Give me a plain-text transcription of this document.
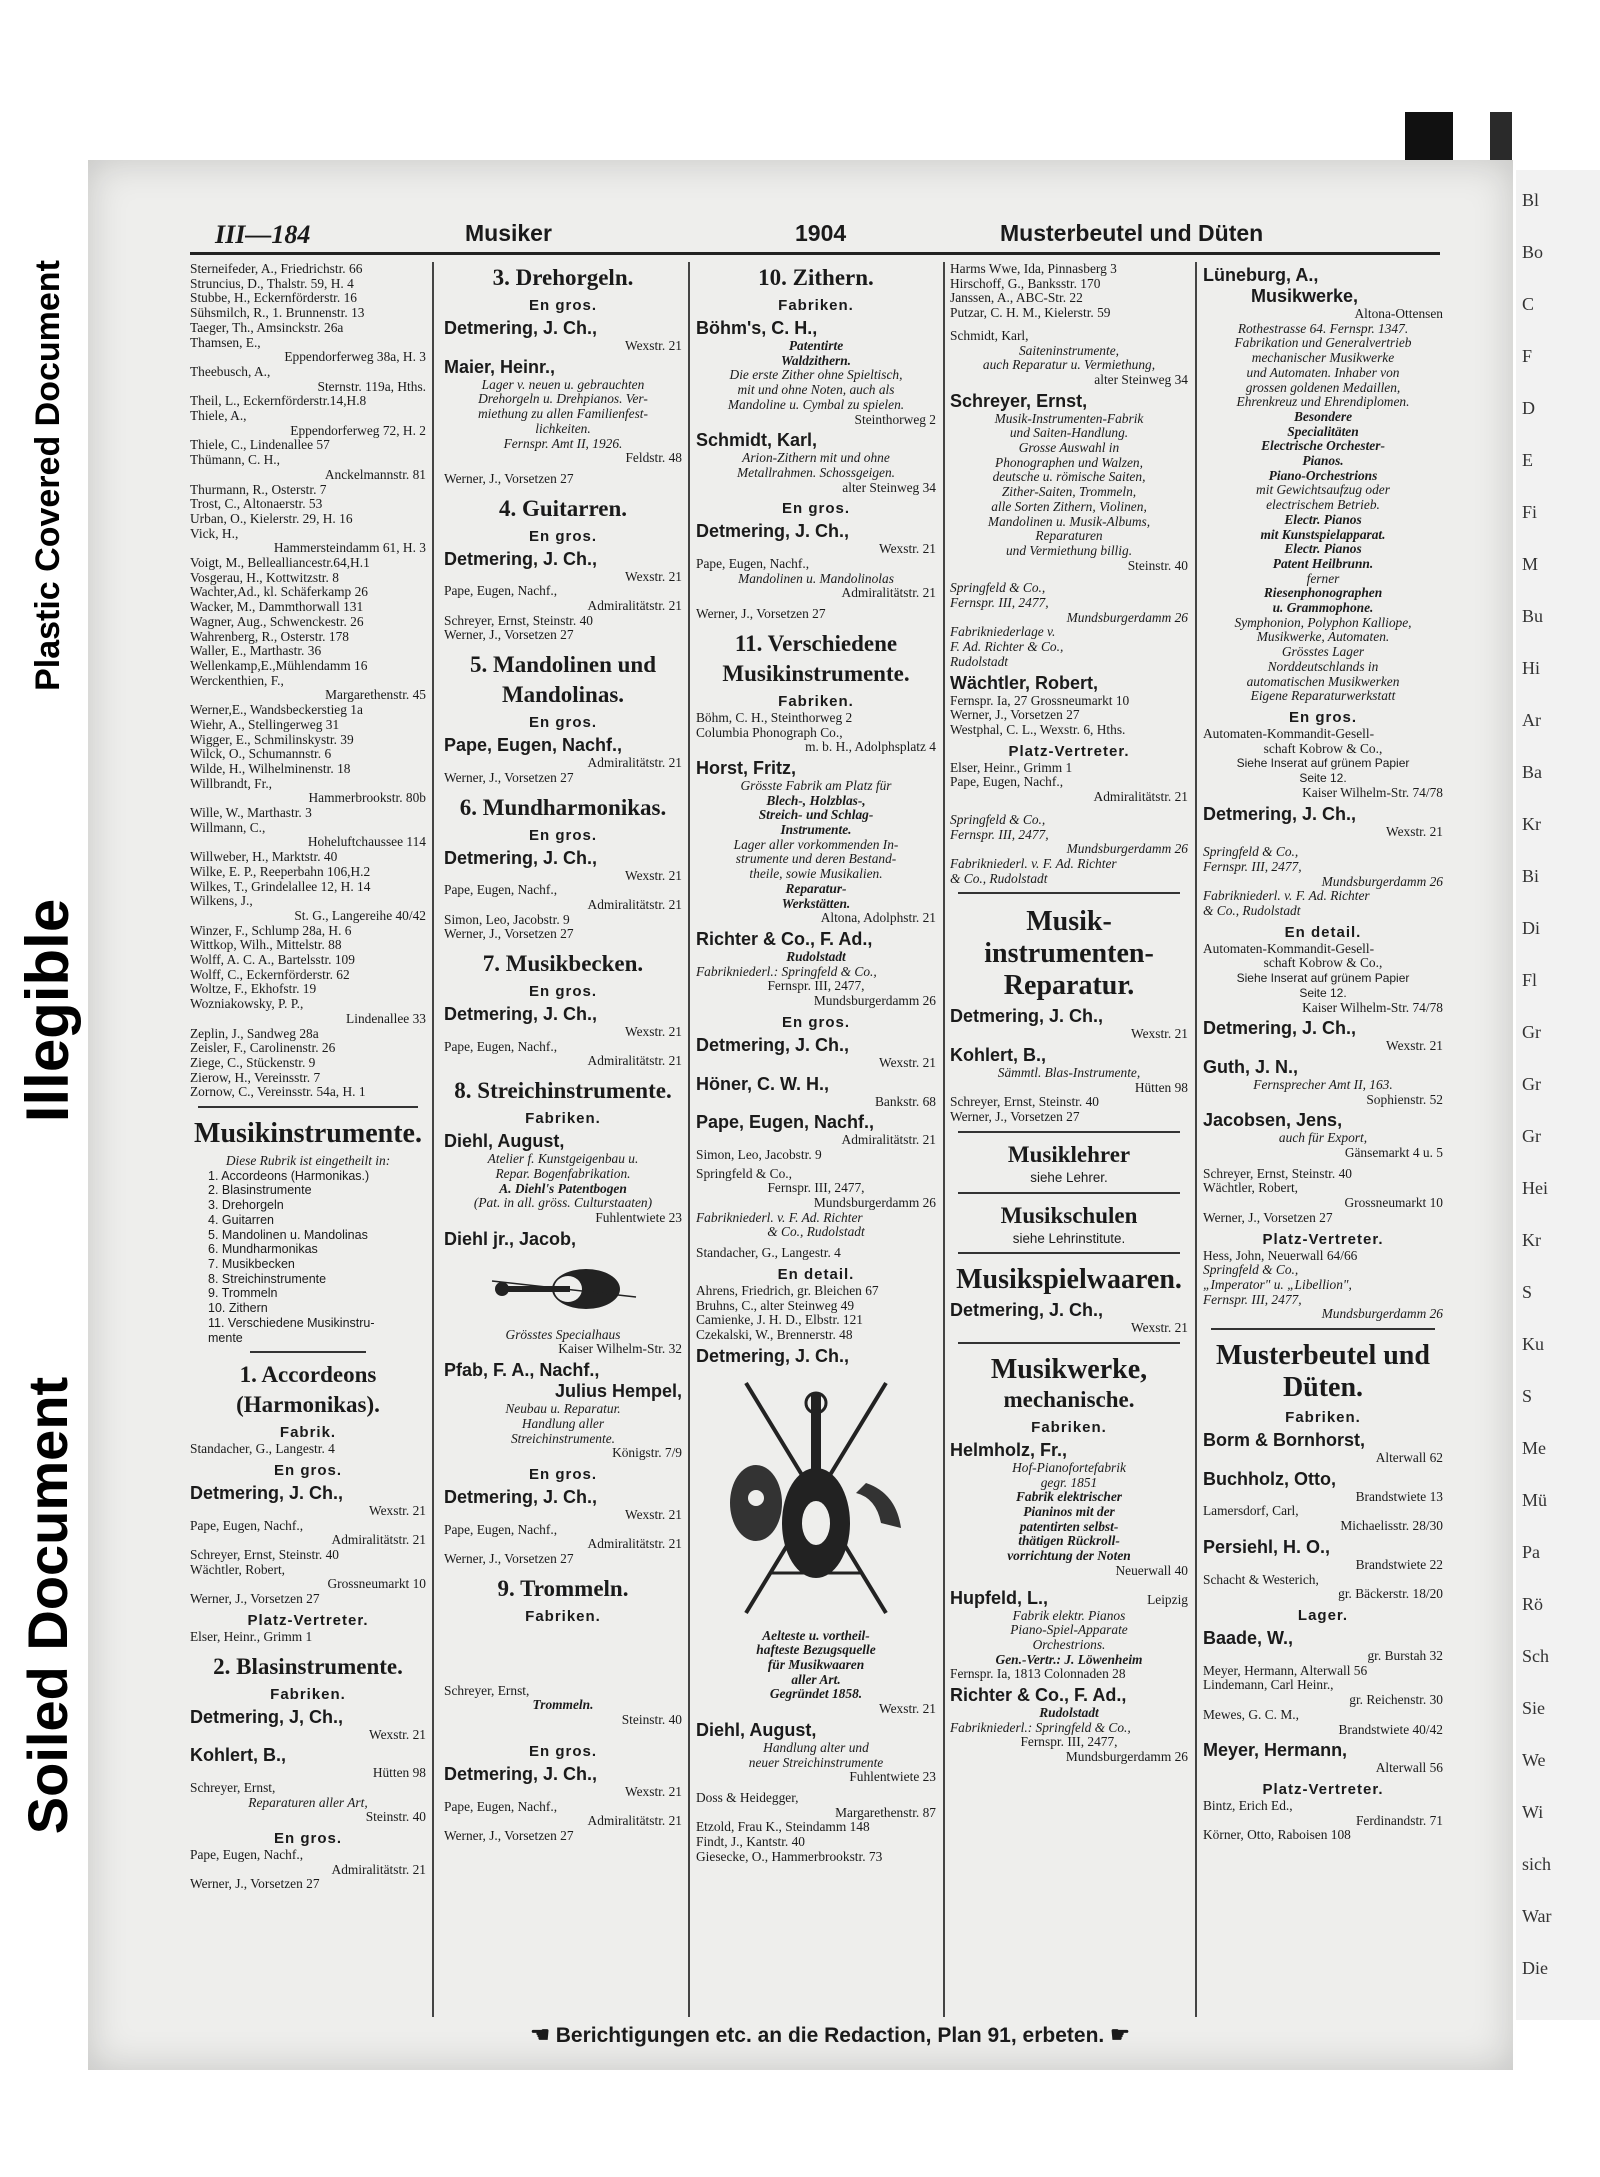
Plastic Covered Document
Illegible
Soiled Document
Bl
Bo
C
F
D
E
Fi
M
Bu
Hi
Ar
Ba
Kr
Bi
Di
Fl
Gr
Gr
Gr
Hei
Kr
S
Ku
S
Me
Mü
Pa
Rö
Sch
Sie
We
Wi
sich
War
Die
III—184	Musiker	1904	Musterbeutel und Düten
Sterneifeder, A., Friedrichstr. 66
Struncius, D., Thalstr. 59, H. 4
Stubbe, H., Eckernförderstr. 16
Sühsmilch, R., 1. Brunnenstr. 13
Taeger, Th., Amsinckstr. 26a
Thamsen, E.,
Eppendorferweg 38a, H. 3
Theebusch, A.,
Sternstr. 119a, Hths.
Theil, L., Eckernförderstr.14,H.8
Thiele, A.,
Eppendorferweg 72, H. 2
Thiele, C., Lindenallee 57
Thümann, C. H.,
Anckelmannstr. 81
Thurmann, R., Osterstr. 7
Trost, C., Altonaerstr. 53
Urban, O., Kielerstr. 29, H. 16
Vick, H.,
Hammersteindamm 61, H. 3
Voigt, M., Bellealliancestr.64,H.1
Vosgerau, H., Kottwitzstr. 8
Wachter,Ad., kl. Schäferkamp 26
Wacker, M., Dammthorwall 131
Wagner, Aug., Schwenckestr. 26
Wahrenberg, R., Osterstr. 178
Waller, E., Marthastr. 36
Wellenkamp,E.,Mühlendamm 16
Werckenthien, F.,
Margarethenstr. 45
Werner,E., Wandsbeckerstieg 1a
Wiehr, A., Stellingerweg 31
Wigger, E., Schmilinskystr. 39
Wilck, O., Schumannstr. 6
Wilde, H., Wilhelminenstr. 18
Willbrandt, Fr.,
Hammerbrookstr. 80b
Wille, W., Marthastr. 3
Willmann, C.,
Hoheluftchaussee 114
Willweber, H., Marktstr. 40
Wilke, E. P., Reeperbahn 106,H.2
Wilkes, T., Grindelallee 12, H. 14
Wilkens, J.,
St. G., Langereihe 40/42
Winzer, F., Schlump 28a, H. 6
Wittkop, Wilh., Mittelstr. 88
Wolff, A. C. A., Bartelsstr. 109
Wolff, C., Eckernförderstr. 62
Woltze, F., Ekhofstr. 19
Wozniakowsky, P. P.,
Lindenallee 33
Zeplin, J., Sandweg 28a
Zeisler, F., Carolinenstr. 26
Ziege, C., Stückenstr. 9
Zierow, H., Vereinsstr. 7
Zornow, C., Vereinsstr. 54a, H. 1
Musikinstrumente.
Diese Rubrik ist eingetheilt in:
1. Accordeons (Harmonikas.)
2. Blasinstrumente
3. Drehorgeln
4. Guitarren
5. Mandolinen u. Mandolinas
6. Mundharmonikas
7. Musikbecken
8. Streichinstrumente
9. Trommeln
10. Zithern
11. Verschiedene Musikinstru-
mente
1. Accordeons
(Harmonikas).
Fabrik.
Standacher, G., Langestr. 4
En gros.
Detmering, J. Ch.,
Wexstr. 21
Pape, Eugen, Nachf.,
Admiralitätstr. 21
Schreyer, Ernst, Steinstr. 40
Wächtler, Robert,
Grossneumarkt 10
Werner, J., Vorsetzen 27
Platz-Vertreter.
Elser, Heinr., Grimm 1
2. Blasinstrumente.
Fabriken.
Detmering, J, Ch.,
Wexstr. 21
Kohlert, B.,
Hütten 98
Schreyer, Ernst,
Reparaturen aller Art,
Steinstr. 40
En gros.
Pape, Eugen, Nachf.,
Admiralitätstr. 21
Werner, J., Vorsetzen 27
3. Drehorgeln.
En gros.
Detmering, J. Ch.,
Wexstr. 21
Maier, Heinr.,
Lager v. neuen u. gebrauchten
Drehorgeln u. Drehpianos. Ver-
miethung zu allen Familienfest-
lichkeiten.
Fernspr. Amt II, 1926.
Feldstr. 48
Werner, J., Vorsetzen 27
4. Guitarren.
En gros.
Detmering, J. Ch.,
Wexstr. 21
Pape, Eugen, Nachf.,
Admiralitätstr. 21
Schreyer, Ernst, Steinstr. 40
Werner, J., Vorsetzen 27
5. Mandolinen und
Mandolinas.
En gros.
Pape, Eugen, Nachf.,
Admiralitätstr. 21
Werner, J., Vorsetzen 27
6. Mundharmonikas.
En gros.
Detmering, J. Ch.,
Wexstr. 21
Pape, Eugen, Nachf.,
Admiralitätstr. 21
Simon, Leo, Jacobstr. 9
Werner, J., Vorsetzen 27
7. Musikbecken.
En gros.
Detmering, J. Ch.,
Wexstr. 21
Pape, Eugen, Nachf.,
Admiralitätstr. 21
8. Streichinstrumente.
Fabriken.
Diehl, August,
Atelier f. Kunstgeigenbau u.
Repar. Bogenfabrikation.
A. Diehl's Patentbogen
(Pat. in all. gröss. Culturstaaten)
Fuhlentwiete 23
Diehl jr., Jacob,
Grösstes Specialhaus
Kaiser Wilhelm-Str. 32
Pfab, F. A., Nachf.,
Julius Hempel,
Neubau u. Reparatur.
Handlung aller
Streichinstrumente.
Königstr. 7/9
En gros.
Detmering, J. Ch.,
Wexstr. 21
Pape, Eugen, Nachf.,
Admiralitätstr. 21
Werner, J., Vorsetzen 27
9. Trommeln.
Fabriken.
Schreyer, Ernst,
Trommeln.
Steinstr. 40
En gros.
Detmering, J. Ch.,
Wexstr. 21
Pape, Eugen, Nachf.,
Admiralitätstr. 21
Werner, J., Vorsetzen 27
10. Zithern.
Fabriken.
Böhm's, C. H.,
Patentirte
Waldzithern.
Die erste Zither ohne Spieltisch,
mit und ohne Noten, auch als
Mandoline u. Cymbal zu spielen.
Steinthorweg 2
Schmidt, Karl,
Arion-Zithern mit und ohne
Metallrahmen. Schossgeigen.
alter Steinweg 34
En gros.
Detmering, J. Ch.,
Wexstr. 21
Pape, Eugen, Nachf.,
Mandolinen u. Mandolinolas
Admiralitätstr. 21
Werner, J., Vorsetzen 27
11. Verschiedene
Musikinstrumente.
Fabriken.
Böhm, C. H., Steinthorweg 2
Columbia Phonograph Co.,
m. b. H., Adolphsplatz 4
Horst, Fritz,
Grösste Fabrik am Platz für
Blech-, Holzblas-,
Streich- und Schlag-
Instrumente.
Lager aller vorkommenden In-
strumente und deren Bestand-
theile, sowie Musikalien.
Reparatur-
Werkstätten.
Altona, Adolphstr. 21
Richter & Co., F. Ad.,
Rudolstadt
Fabrikniederl.: Springfeld & Co.,
Fernspr. III, 2477,
Mundsburgerdamm 26
En gros.
Detmering, J. Ch.,
Wexstr. 21
Höner, C. W. H.,
Bankstr. 68
Pape, Eugen, Nachf.,
Admiralitätstr. 21
Simon, Leo, Jacobstr. 9
Springfeld & Co.,
Fernspr. III, 2477,
Mundsburgerdamm 26
Fabrikniederl. v. F. Ad. Richter
& Co., Rudolstadt
Standacher, G., Langestr. 4
En detail.
Ahrens, Friedrich, gr. Bleichen 67
Bruhns, C., alter Steinweg 49
Camienke, J. H. D., Elbstr. 121
Czekalski, W., Brennerstr. 48
Detmering, J. Ch.,
Aelteste u. vortheil-
hafteste Bezugsquelle
für Musikwaaren
aller Art.
Gegründet 1858.
Wexstr. 21
Diehl, August,
Handlung alter und
neuer Streichinstrumente
Fuhlentwiete 23
Doss & Heidegger,
Margarethenstr. 87
Etzold, Frau K., Steindamm 148
Findt, J., Kantstr. 40
Giesecke, O., Hammerbrookstr. 73
Harms Wwe, Ida, Pinnasberg 3
Hirschoff, G., Banksstr. 170
Janssen, A., ABC-Str. 22
Putzar, C. H. M., Kielerstr. 59
Schmidt, Karl,
Saiteninstrumente,
auch Reparatur u. Vermiethung,
alter Steinweg 34
Schreyer, Ernst,
Musik-Instrumenten-Fabrik
und Saiten-Handlung.
Grosse Auswahl in
Phonographen und Walzen,
deutsche u. römische Saiten,
Zither-Saiten, Trommeln,
alle Sorten Zithern, Violinen,
Mandolinen u. Musik-Albums,
Reparaturen
und Vermiethung billig.
Steinstr. 40
Springfeld & Co.,
Fernspr. III, 2477,
Mundsburgerdamm 26
Fabrikniederlage v.
F. Ad. Richter & Co.,
Rudolstadt
Wächtler, Robert,
Fernspr. Ia, 27 Grossneumarkt 10
Werner, J., Vorsetzen 27
Westphal, C. L., Wexstr. 6, Hths.
Platz-Vertreter.
Elser, Heinr., Grimm 1
Pape, Eugen, Nachf.,
Admiralitätstr. 21
Springfeld & Co.,
Fernspr. III, 2477,
Mundsburgerdamm 26
Fabrikniederl. v. F. Ad. Richter
& Co., Rudolstadt
Musik-
instrumenten-
Reparatur.
Detmering, J. Ch.,
Wexstr. 21
Kohlert, B.,
Sämmtl. Blas-Instrumente,
Hütten 98
Schreyer, Ernst, Steinstr. 40
Werner, J., Vorsetzen 27
Musiklehrer
siehe Lehrer.
Musikschulen
siehe Lehrinstitute.
Musikspielwaaren.
Detmering, J. Ch.,
Wexstr. 21
Musikwerke,
mechanische.
Fabriken.
Helmholz, Fr.,
Hof-Pianofortefabrik
gegr. 1851
Fabrik elektrischer
Pianinos mit der
patentirten selbst-
thätigen Rückroll-
vorrichtung der Noten
Neuerwall 40
Hupfeld, L.,	Leipzig
Fabrik elektr. Pianos
Piano-Spiel-Apparate
Orchestrions.
Gen.-Vertr.: J. Löwenheim
Fernspr. Ia, 1813 Colonnaden 28
Richter & Co., F. Ad.,
Rudolstadt
Fabrikniederl.: Springfeld & Co.,
Fernspr. III, 2477,
Mundsburgerdamm 26
Lüneburg, A.,
Musikwerke,
Altona-Ottensen
Rothestrasse 64. Fernspr. 1347.
Fabrikation und Generalvertrieb
mechanischer Musikwerke
und Automaten. Inhaber von
grossen goldenen Medaillen,
Ehrenkreuz und Ehrendiplomen.
Besondere
Specialitäten
Electrische Orchester-
Pianos.
Piano-Orchestrions
mit Gewichtsaufzug oder
electrischem Betrieb.
Electr. Pianos
mit Kunstspielapparat.
Electr. Pianos
Patent Heilbrunn.
ferner
Riesenphonographen
u. Grammophone.
Symphonion, Polyphon Kalliope,
Musikwerke, Automaten.
Grösstes Lager
Norddeutschlands in
automatischen Musikwerken
Eigene Reparaturwerkstatt
En gros.
Automaten-Kommandit-Gesell-
schaft Kobrow & Co.,
Siehe Inserat auf grünem Papier
Seite 12.
Kaiser Wilhelm-Str. 74/78
Detmering, J. Ch.,
Wexstr. 21
Springfeld & Co.,
Fernspr. III, 2477,
Mundsburgerdamm 26
Fabrikniederl. v. F. Ad. Richter
& Co., Rudolstadt
En detail.
Automaten-Kommandit-Gesell-
schaft Kobrow & Co.,
Siehe Inserat auf grünem Papier
Seite 12.
Kaiser Wilhelm-Str. 74/78
Detmering, J. Ch.,
Wexstr. 21
Guth, J. N.,
Fernsprecher Amt II, 163.
Sophienstr. 52
Jacobsen, Jens,
auch für Export,
Gänsemarkt 4 u. 5
Schreyer, Ernst, Steinstr. 40
Wächtler, Robert,
Grossneumarkt 10
Werner, J., Vorsetzen 27
Platz-Vertreter.
Hess, John, Neuerwall 64/66
Springfeld & Co.,
„Imperator" u. „Libellion",
Fernspr. III, 2477,
Mundsburgerdamm 26
Musterbeutel und
Düten.
Fabriken.
Borm & Bornhorst,
Alterwall 62
Buchholz, Otto,
Brandstwiete 13
Lamersdorf, Carl,
Michaelisstr. 28/30
Persiehl, H. O.,
Brandstwiete 22
Schacht & Westerich,
gr. Bäckerstr. 18/20
Lager.
Baade, W.,
gr. Burstah 32
Meyer, Hermann, Alterwall 56
Lindemann, Carl Heinr.,
gr. Reichenstr. 30
Mewes, G. C. M.,
Brandstwiete 40/42
Meyer, Hermann,
Alterwall 56
Platz-Vertreter.
Bintz, Erich Ed.,
Ferdinandstr. 71
Körner, Otto, Raboisen 108
☚ Berichtigungen etc. an die Redaction, Plan 91, erbeten. ☛
